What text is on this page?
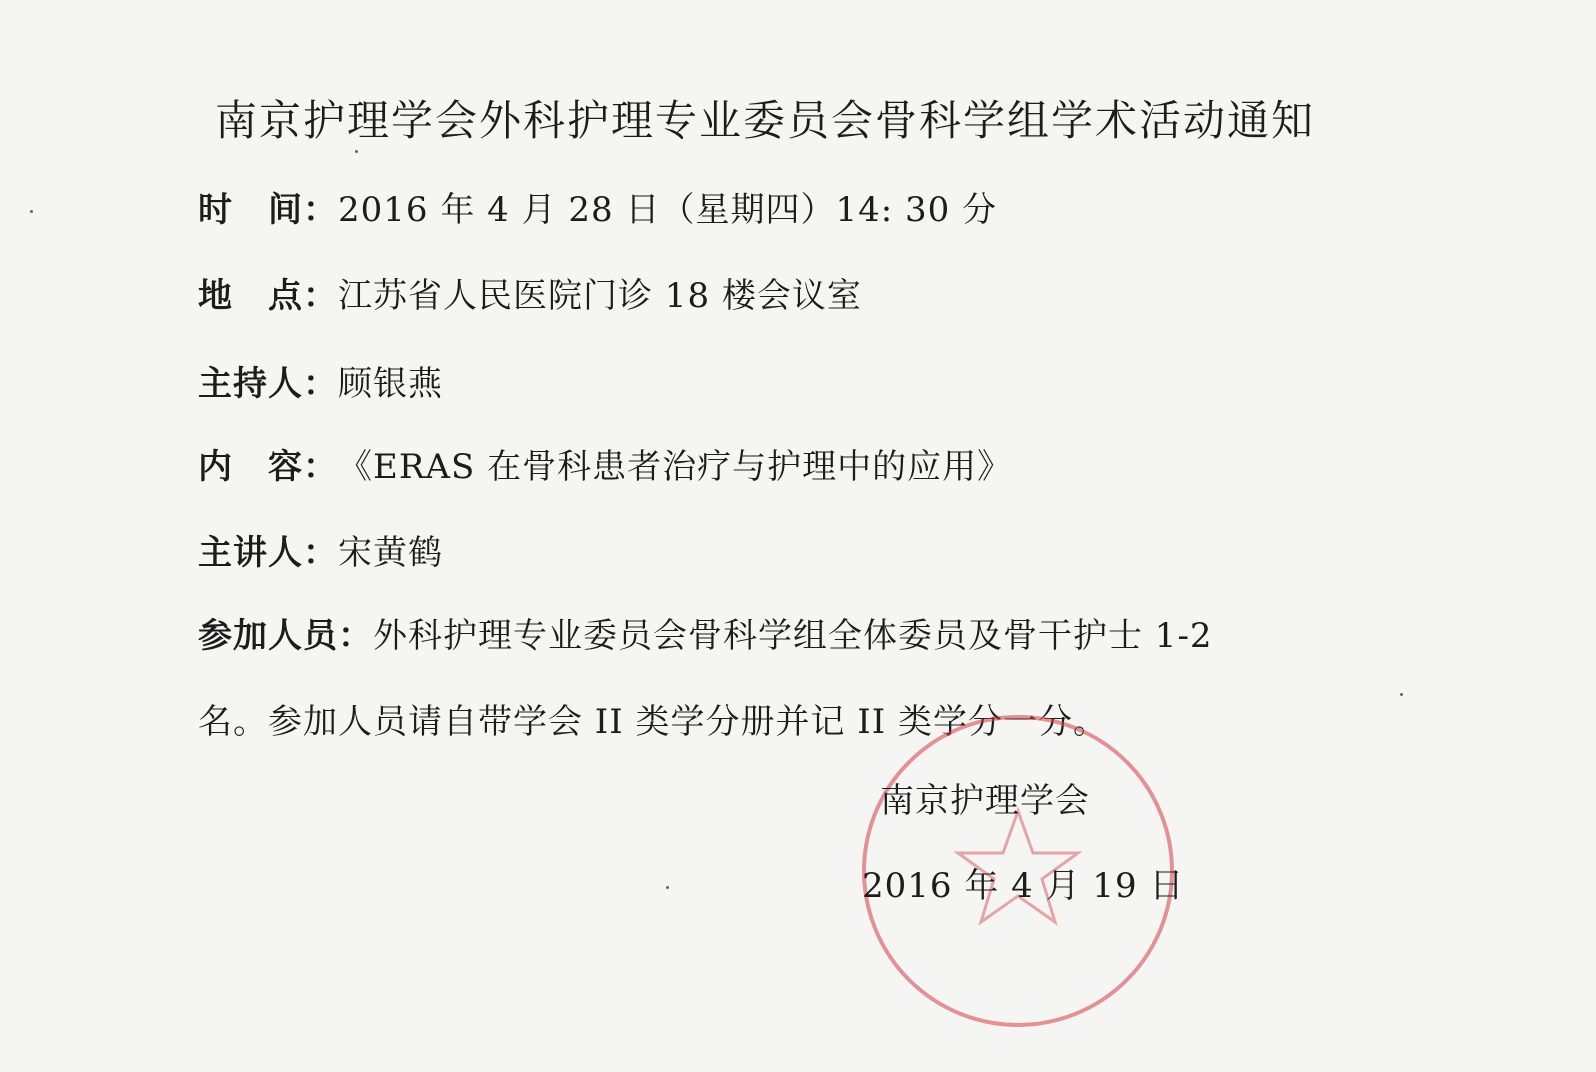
南京护理学会外科护理专业委员会骨科学组学术活动通知
时　间：2016 年 4 月 28 日（星期四）14: 30 分
地　点：江苏省人民医院门诊 18 楼会议室
主持人：顾银燕
内　容：《ERAS 在骨科患者治疗与护理中的应用》
主讲人：宋黄鹤
参加人员：外科护理专业委员会骨科学组全体委员及骨干护士 1-2
名。参加人员请自带学会 II 类学分册并记 II 类学分一分。
南京护理学会
2016 年 4 月 19 日
